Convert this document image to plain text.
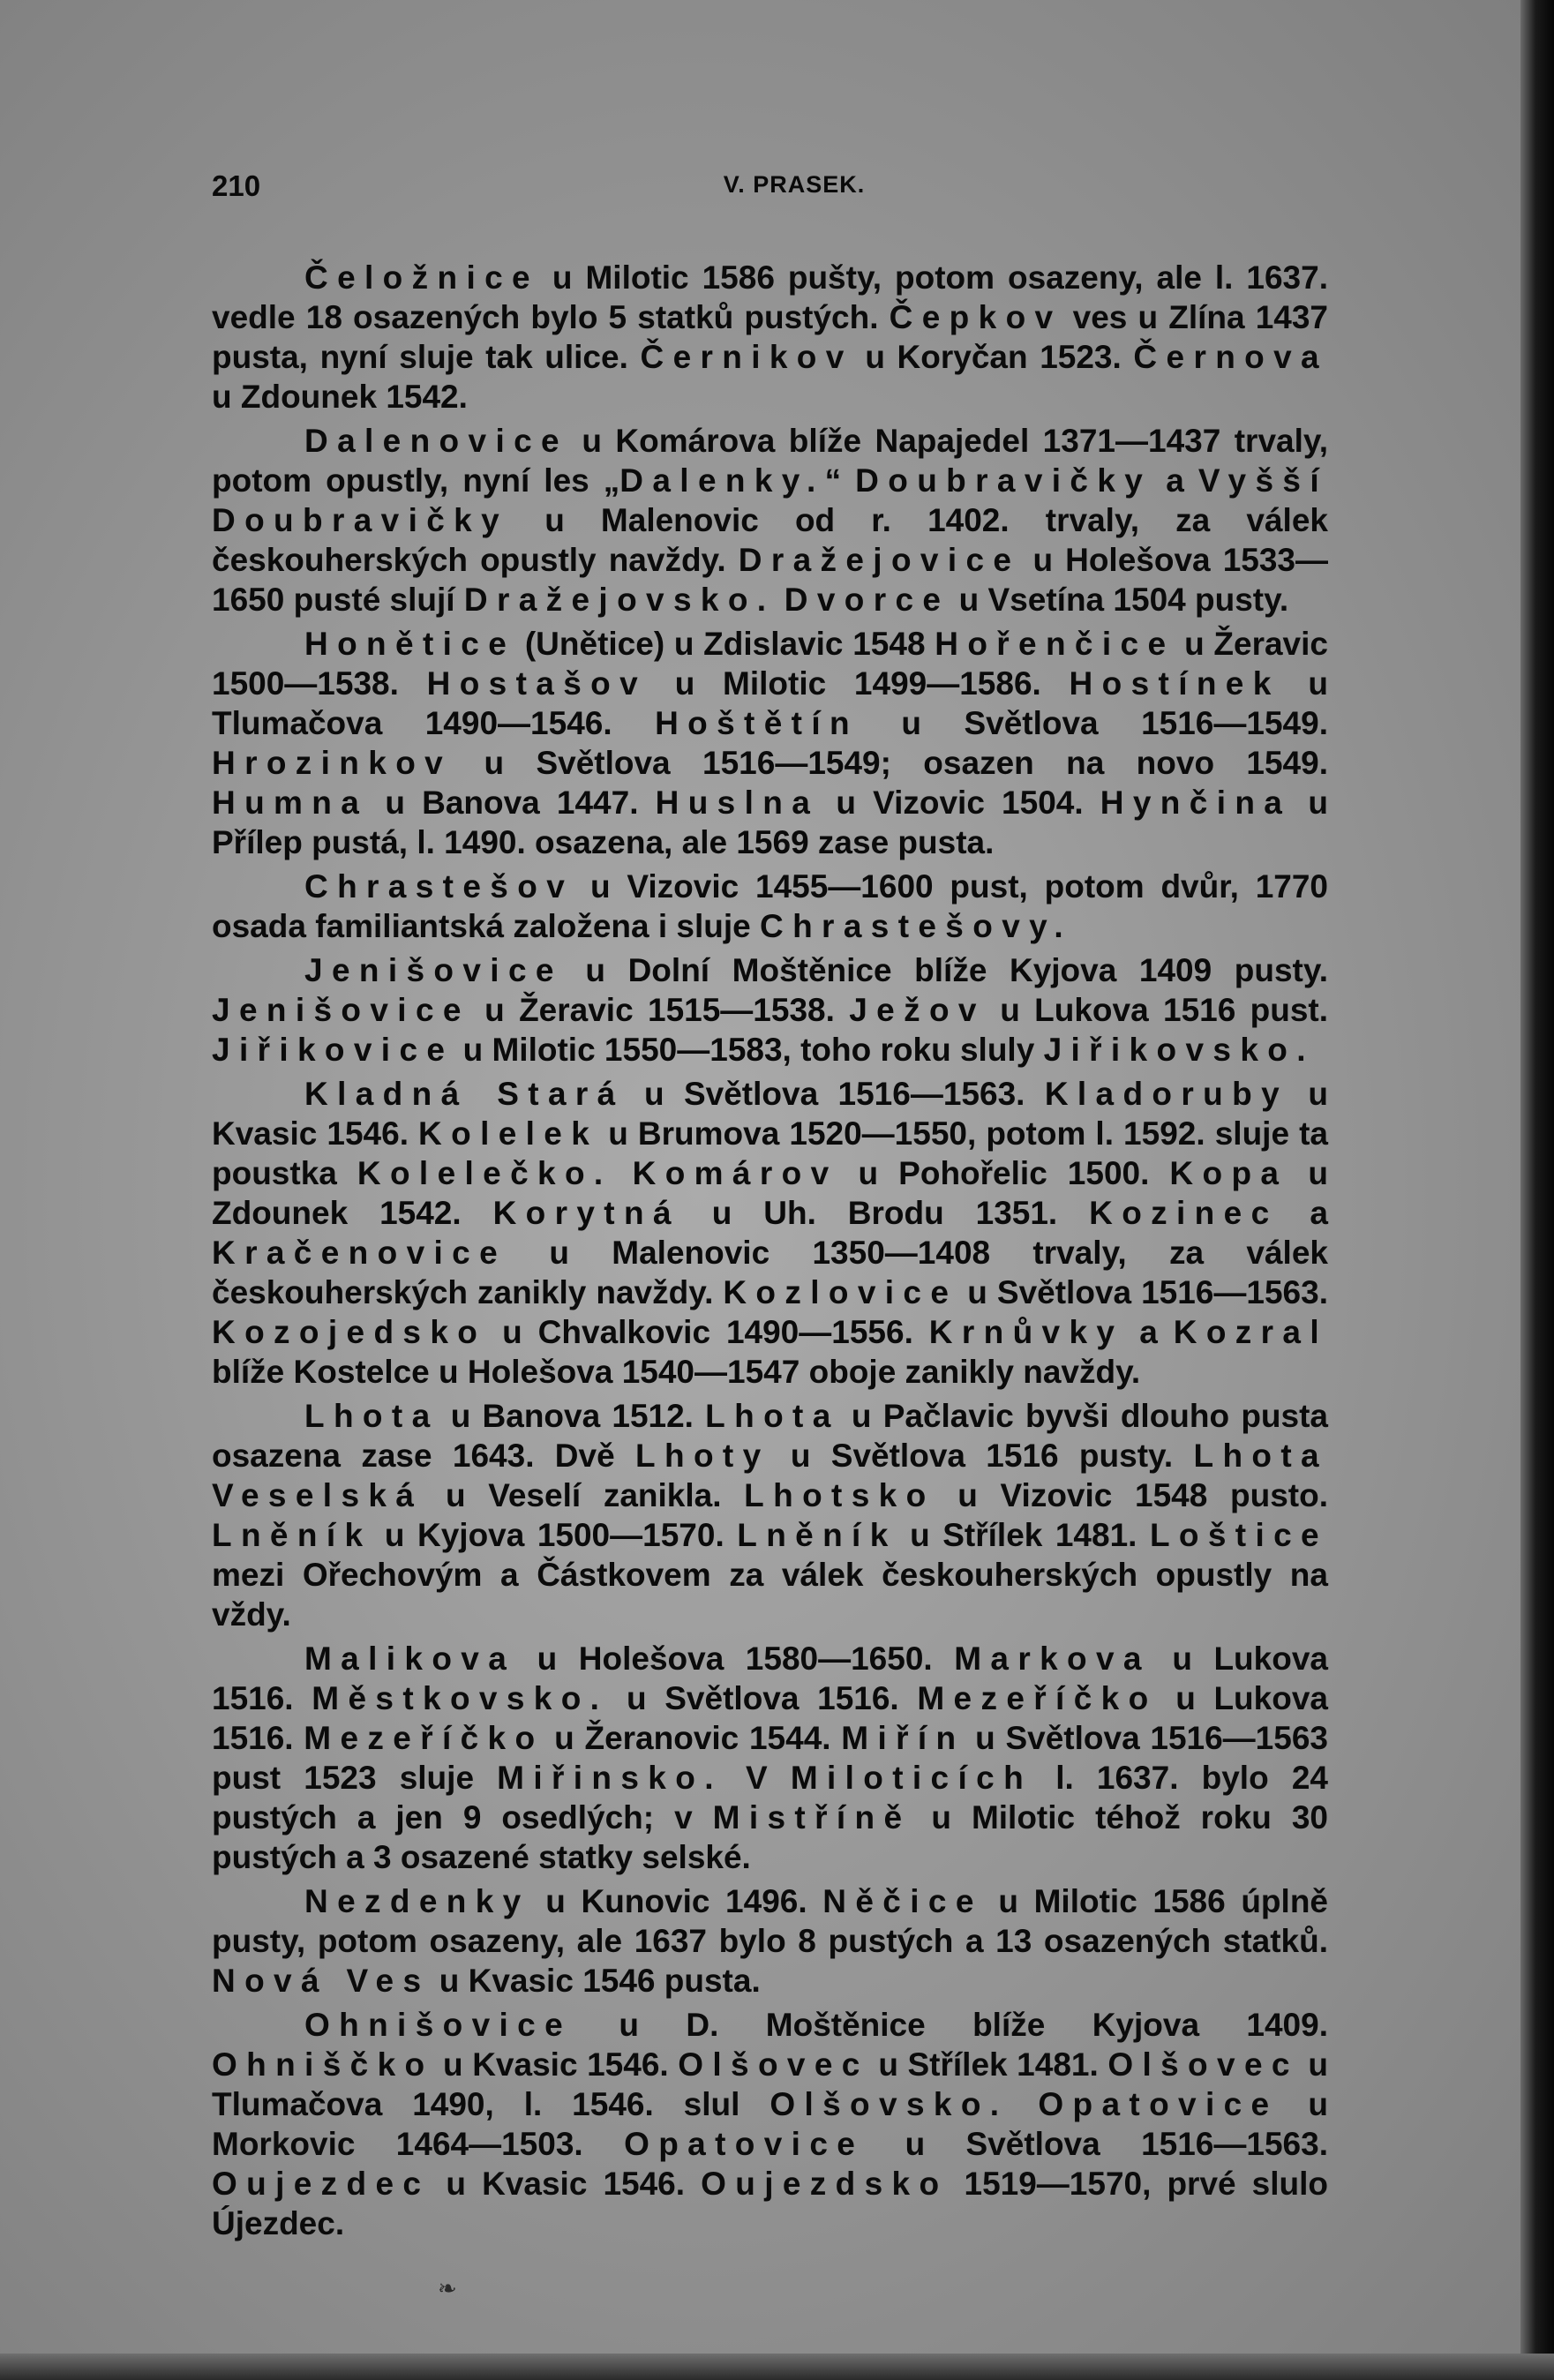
210	V. PRASEK.

Čeložnice u Milotic 1586 pušty, potom osazeny, ale l. 1637. vedle 18 osazených bylo 5 statků pustých. Čepkov ves u Zlína 1437 pusta, nyní sluje tak ulice. Černikov u Koryčan 1523. Černova u Zdounek 1542.

Dalenovice u Komárova blíže Napajedel 1371—1437 trvaly, potom opustly, nyní les „Dalenky.“ Doubravičky a Vyšší Doubravičky u Malenovic od r. 1402. trvaly, za válek českouherských opustly navždy. Dražejovice u Holešova 1533—1650 pusté slují Dražejovsko. Dvorce u Vsetína 1504 pusty.

Honětice (Unětice) u Zdislavic 1548 Hořenčice u Žeravic 1500—1538. Hostašov u Milotic 1499—1586. Hostínek u Tlumačova 1490—1546. Hoštětín u Světlova 1516—1549. Hrozinkov u Světlova 1516—1549; osazen na novo 1549. Humna u Banova 1447. Huslna u Vizovic 1504. Hynčina u Přílep pustá, l. 1490. osazena, ale 1569 zase pusta.

Chrastešov u Vizovic 1455—1600 pust, potom dvůr, 1770 osada familiantská založena i sluje Chrastešovy.

Jenišovice u Dolní Moštěnice blíže Kyjova 1409 pusty. Jenišovice u Žeravic 1515—1538. Ježov u Lukova 1516 pust. Jiřikovice u Milotic 1550—1583, toho roku sluly Jiřikovsko.

Kladná Stará u Světlova 1516—1563. Kladoruby u Kvasic 1546. Kolelek u Brumova 1520—1550, potom l. 1592. sluje ta poustka Kolelečko. Komárov u Pohořelic 1500. Kopa u Zdounek 1542. Korytná u Uh. Brodu 1351. Kozinec a Kračenovice u Malenovic 1350—1408 trvaly, za válek českouherských zanikly navždy. Kozlovice u Světlova 1516—1563. Kozojedsko u Chvalkovic 1490—1556. Krnůvky a Kozral blíže Kostelce u Holešova 1540—1547 oboje zanikly navždy.

Lhota u Banova 1512. Lhota u Pačlavic byvši dlouho pusta osazena zase 1643. Dvě Lhoty u Světlova 1516 pusty. Lhota Veselská u Veselí zanikla. Lhotsko u Vizovic 1548 pusto. Lněník u Kyjova 1500—1570. Lněník u Střílek 1481. Loštice mezi Ořechovým a Částkovem za válek českouherských opustly na vždy.

Malikova u Holešova 1580—1650. Markova u Lukova 1516. Městkovsko. u Světlova 1516. Mezeříčko u Lukova 1516. Mezeříčko u Žeranovic 1544. Miřín u Světlova 1516—1563 pust 1523 sluje Miřinsko. V Miloticích l. 1637. bylo 24 pustých a jen 9 osedlých; v Mistříně u Milotic téhož roku 30 pustých a 3 osazené statky selské.

Nezdenky u Kunovic 1496. Něčice u Milotic 1586 úplně pusty, potom osazeny, ale 1637 bylo 8 pustých a 13 osazených statků. Nová Ves u Kvasic 1546 pusta.

Ohnišovice u D. Moštěnice blíže Kyjova 1409. Ohniščko u Kvasic 1546. Olšovec u Střílek 1481. Olšovec u Tlumačova 1490, l. 1546. slul Olšovsko. Opatovice u Morkovic 1464—1503. Opatovice u Světlova 1516—1563. Oujezdec u Kvasic 1546. Oujezdsko 1519—1570, prvé slulo Újezdec.

❧
